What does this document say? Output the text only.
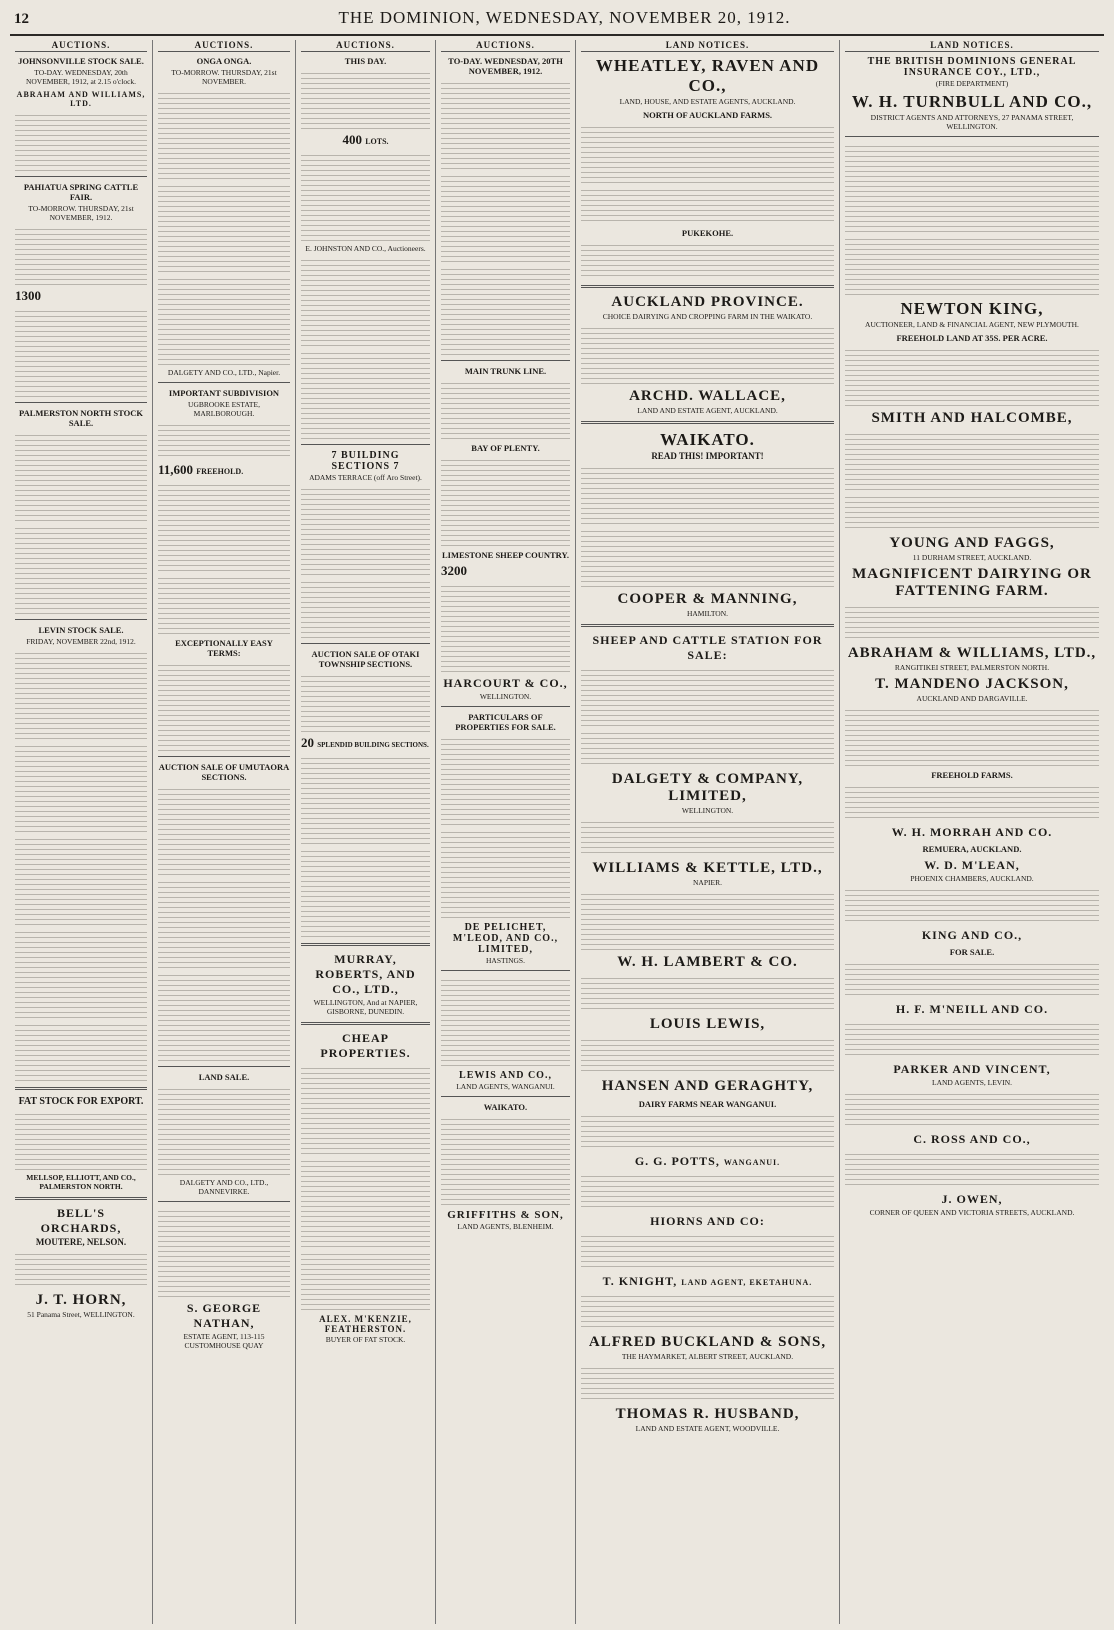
12	THE DOMINION, WEDNESDAY, NOVEMBER 20, 1912.
AUCTIONS.
JOHNSONVILLE STOCK SALE.
TO-DAY. WEDNESDAY, 20th NOVEMBER, 1912, at 2.15 o'clock.
ABRAHAM AND WILLIAMS, LTD.
PAHIATUA SPRING CATTLE FAIR.
TO-MORROW. THURSDAY, 21st NOVEMBER, 1912.
1300
PALMERSTON NORTH STOCK SALE.
LEVIN STOCK SALE.
FRIDAY, NOVEMBER 22nd, 1912.
FAT STOCK FOR EXPORT.
MELLSOP, ELLIOTT, AND CO., PALMERSTON NORTH.
BELL'S ORCHARDS,
MOUTERE, NELSON.
J. T. HORN,
51 Panama Street, WELLINGTON.
AUCTIONS.
ONGA ONGA.
TO-MORROW. THURSDAY, 21st NOVEMBER.
DALGETY AND CO., LTD., Napier.
IMPORTANT SUBDIVISION
UGBROOKE ESTATE, MARLBOROUGH.
11,600 FREEHOLD.
EXCEPTIONALLY EASY TERMS:
AUCTION SALE OF UMUTAORA SECTIONS.
LAND SALE.
DALGETY AND CO., LTD., DANNEVIRKE.
S. GEORGE NATHAN,
ESTATE AGENT, 113-115 CUSTOMHOUSE QUAY
AUCTIONS.
THIS DAY.
400 LOTS.
E. JOHNSTON AND CO., Auctioneers.
7 BUILDING SECTIONS 7
ADAMS TERRACE (off Aro Street).
AUCTION SALE OF OTAKI TOWNSHIP SECTIONS.
20 SPLENDID BUILDING SECTIONS.
MURRAY, ROBERTS, AND CO., LTD.,
WELLINGTON, And at NAPIER, GISBORNE, DUNEDIN.
CHEAP PROPERTIES.
ALEX. M'KENZIE, FEATHERSTON.
BUYER OF FAT STOCK.
AUCTIONS.
TO-DAY. WEDNESDAY, 20TH NOVEMBER, 1912.
MAIN TRUNK LINE.
BAY OF PLENTY.
LIMESTONE SHEEP COUNTRY.
3200
HARCOURT & CO.,
WELLINGTON.
PARTICULARS OF PROPERTIES FOR SALE.
DE PELICHET, M'LEOD, AND CO., LIMITED,
HASTINGS.
LEWIS AND CO.,
LAND AGENTS, WANGANUI.
WAIKATO.
GRIFFITHS & SON,
LAND AGENTS, BLENHEIM.
LAND NOTICES.
WHEATLEY, RAVEN AND CO.,
LAND, HOUSE, AND ESTATE AGENTS, AUCKLAND.
NORTH OF AUCKLAND FARMS.
PUKEKOHE.
AUCKLAND PROVINCE.
CHOICE DAIRYING AND CROPPING FARM IN THE WAIKATO.
ARCHD. WALLACE,
LAND AND ESTATE AGENT, AUCKLAND.
WAIKATO.
READ THIS! IMPORTANT!
COOPER & MANNING,
HAMILTON.
SHEEP AND CATTLE STATION FOR SALE:
DALGETY & COMPANY, LIMITED,
WELLINGTON.
WILLIAMS & KETTLE, LTD.,
NAPIER.
W. H. LAMBERT & CO.
LOUIS LEWIS,
HANSEN AND GERAGHTY,
DAIRY FARMS NEAR WANGANUI.
G. G. POTTS, WANGANUI.
HIORNS AND CO:
T. KNIGHT, LAND AGENT, EKETAHUNA.
ALFRED BUCKLAND & SONS,
THE HAYMARKET, ALBERT STREET, AUCKLAND.
THOMAS R. HUSBAND,
LAND AND ESTATE AGENT, WOODVILLE.
LAND NOTICES.
THE BRITISH DOMINIONS GENERAL INSURANCE COY., LTD.,
(FIRE DEPARTMENT)
W. H. TURNBULL AND CO.,
DISTRICT AGENTS AND ATTORNEYS, 27 PANAMA STREET, WELLINGTON.
NEWTON KING,
AUCTIONEER, LAND & FINANCIAL AGENT, NEW PLYMOUTH.
FREEHOLD LAND AT 35S. PER ACRE.
SMITH AND HALCOMBE,
YOUNG AND FAGGS,
11 DURHAM STREET, AUCKLAND.
MAGNIFICENT DAIRYING OR FATTENING FARM.
ABRAHAM & WILLIAMS, LTD.,
RANGITIKEI STREET, PALMERSTON NORTH.
T. MANDENO JACKSON,
AUCKLAND AND DARGAVILLE.
FREEHOLD FARMS.
W. H. MORRAH AND CO.
REMUERA, AUCKLAND.
W. D. M'LEAN,
PHOENIX CHAMBERS, AUCKLAND.
KING AND CO.,
FOR SALE.
H. F. M'NEILL AND CO.
PARKER AND VINCENT,
LAND AGENTS, LEVIN.
C. ROSS AND CO.,
J. OWEN,
CORNER OF QUEEN AND VICTORIA STREETS, AUCKLAND.
